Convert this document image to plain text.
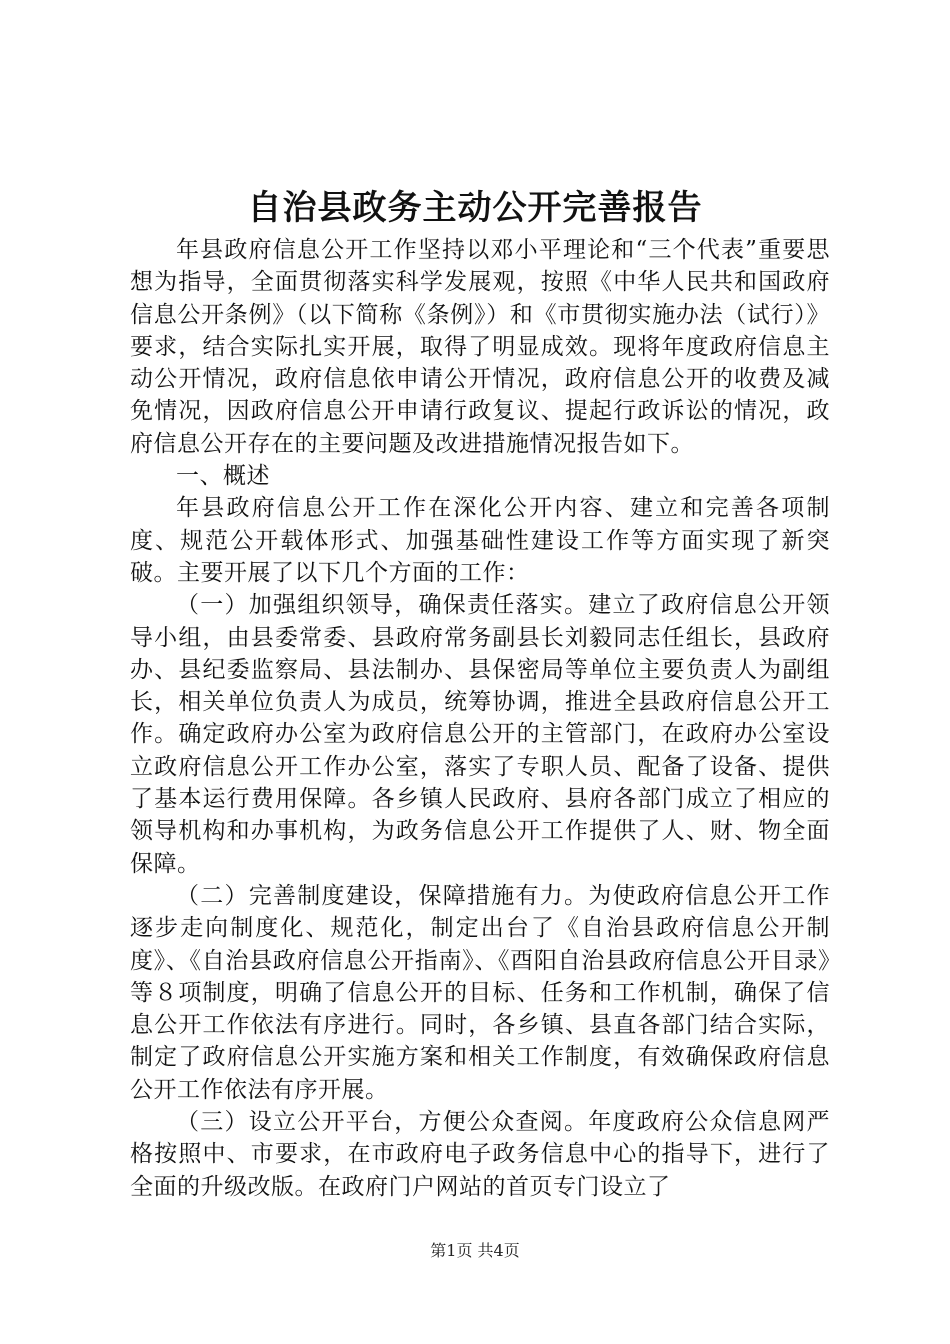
自治县政务主动公开完善报告

年县政府信息公开工作坚持以邓小平理论和“三个代表”重要思想为指导，全面贯彻落实科学发展观，按照《中华人民共和国政府信息公开条例》（以下简称《条例》）和《市贯彻实施办法（试行）》要求，结合实际扎实开展，取得了明显成效。现将年度政府信息主动公开情况，政府信息依申请公开情况，政府信息公开的收费及减免情况，因政府信息公开申请行政复议、提起行政诉讼的情况，政府信息公开存在的主要问题及改进措施情况报告如下。

一、概述

年县政府信息公开工作在深化公开内容、建立和完善各项制度、规范公开载体形式、加强基础性建设工作等方面实现了新突破。主要开展了以下几个方面的工作：

（一）加强组织领导，确保责任落实。建立了政府信息公开领导小组，由县委常委、县政府常务副县长刘毅同志任组长，县政府办、县纪委监察局、县法制办、县保密局等单位主要负责人为副组长，相关单位负责人为成员，统筹协调，推进全县政府信息公开工作。确定政府办公室为政府信息公开的主管部门，在政府办公室设立政府信息公开工作办公室，落实了专职人员、配备了设备、提供了基本运行费用保障。各乡镇人民政府、县府各部门成立了相应的领导机构和办事机构，为政务信息公开工作提供了人、财、物全面保障。

（二）完善制度建设，保障措施有力。为使政府信息公开工作逐步走向制度化、规范化，制定出台了《自治县政府信息公开制度》、《自治县政府信息公开指南》、《酉阳自治县政府信息公开目录》等８项制度，明确了信息公开的目标、任务和工作机制，确保了信息公开工作依法有序进行。同时，各乡镇、县直各部门结合实际，制定了政府信息公开实施方案和相关工作制度，有效确保政府信息公开工作依法有序开展。

（三）设立公开平台，方便公众查阅。年度政府公众信息网严格按照中、市要求，在市政府电子政务信息中心的指导下，进行了全面的升级改版。在政府门户网站的首页专门设立了

第1页 共4页
